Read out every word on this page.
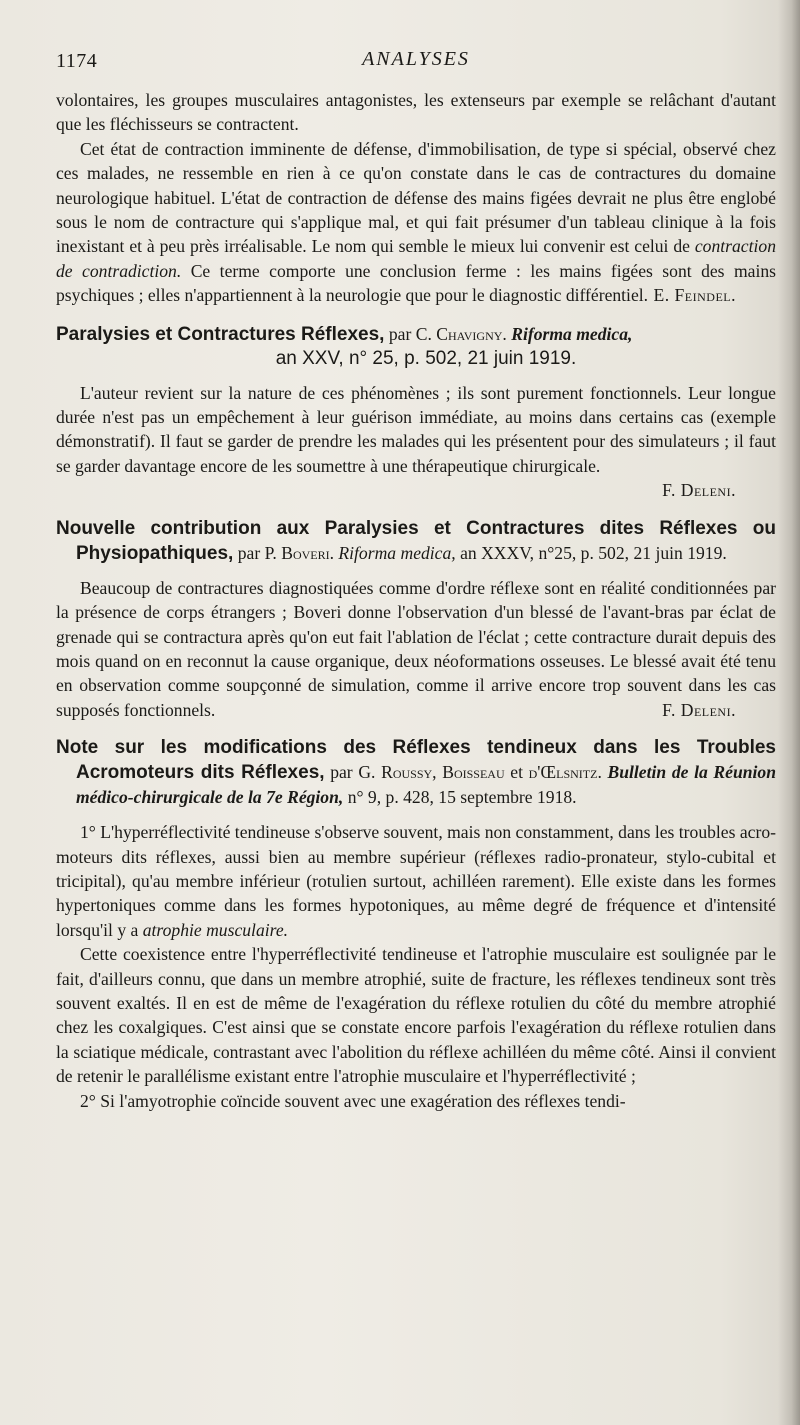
1174	ANALYSES

volontaires, les groupes musculaires antagonistes, les extenseurs par exemple se relâchant d'autant que les fléchisseurs se contractent.

Cet état de contraction imminente de défense, d'immobilisation, de type si spécial, observé chez ces malades, ne ressemble en rien à ce qu'on constate dans le cas de contractures du domaine neurologique habituel. L'état de contraction de défense des mains figées devrait ne plus être englobé sous le nom de contracture qui s'applique mal, et qui fait présumer d'un tableau clinique à la fois inexistant et à peu près irréalisable. Le nom qui semble le mieux lui convenir est celui de contraction de contradiction. Ce terme comporte une conclusion ferme : les mains figées sont des mains psychiques ; elles n'appartiennent à la neurologie que pour le diagnostic différentiel. E. Feindel.

Paralysies et Contractures Réflexes, par C. Chavigny. Riforma medica,
an XXV, n° 25, p. 502, 21 juin 1919.

L'auteur revient sur la nature de ces phénomènes ; ils sont purement fonctionnels. Leur longue durée n'est pas un empêchement à leur guérison immédiate, au moins dans certains cas (exemple démonstratif). Il faut se garder de prendre les malades qui les présentent pour des simulateurs ; il faut se garder davantage encore de les soumettre à une thérapeutique chirurgicale.

F. Deleni.

Nouvelle contribution aux Paralysies et Contractures dites Réflexes ou Physiopathiques, par P. Boveri. Riforma medica, an XXXV, n°25, p. 502, 21 juin 1919.

Beaucoup de contractures diagnostiquées comme d'ordre réflexe sont en réalité conditionnées par la présence de corps étrangers ; Boveri donne l'observation d'un blessé de l'avant-bras par éclat de grenade qui se contractura après qu'on eut fait l'ablation de l'éclat ; cette contracture durait depuis des mois quand on en reconnut la cause organique, deux néoformations osseuses. Le blessé avait été tenu en observation comme soupçonné de simulation, comme il arrive encore trop souvent dans les cas supposés fonctionnels.	F. Deleni.

Note sur les modifications des Réflexes tendineux dans les Troubles Acromoteurs dits Réflexes, par G. Roussy, Boisseau et d'Œlsnitz. Bulletin de la Réunion médico-chirurgicale de la 7e Région, n° 9, p. 428, 15 septembre 1918.

1° L'hyperréflectivité tendineuse s'observe souvent, mais non constamment, dans les troubles acro-moteurs dits réflexes, aussi bien au membre supérieur (réflexes radio-pronateur, stylo-cubital et tricipital), qu'au membre inférieur (rotulien surtout, achilléen rarement). Elle existe dans les formes hypertoniques comme dans les formes hypotoniques, au même degré de fréquence et d'intensité lorsqu'il y a atrophie musculaire.

Cette coexistence entre l'hyperréflectivité tendineuse et l'atrophie musculaire est soulignée par le fait, d'ailleurs connu, que dans un membre atrophié, suite de fracture, les réflexes tendineux sont très souvent exaltés. Il en est de même de l'exagération du réflexe rotulien du côté du membre atrophié chez les coxalgiques. C'est ainsi que se constate encore parfois l'exagération du réflexe rotulien dans la sciatique médicale, contrastant avec l'abolition du réflexe achilléen du même côté. Ainsi il convient de retenir le parallélisme existant entre l'atrophie musculaire et l'hyperréflectivité ;

2° Si l'amyotrophie coïncide souvent avec une exagération des réflexes tendi-
